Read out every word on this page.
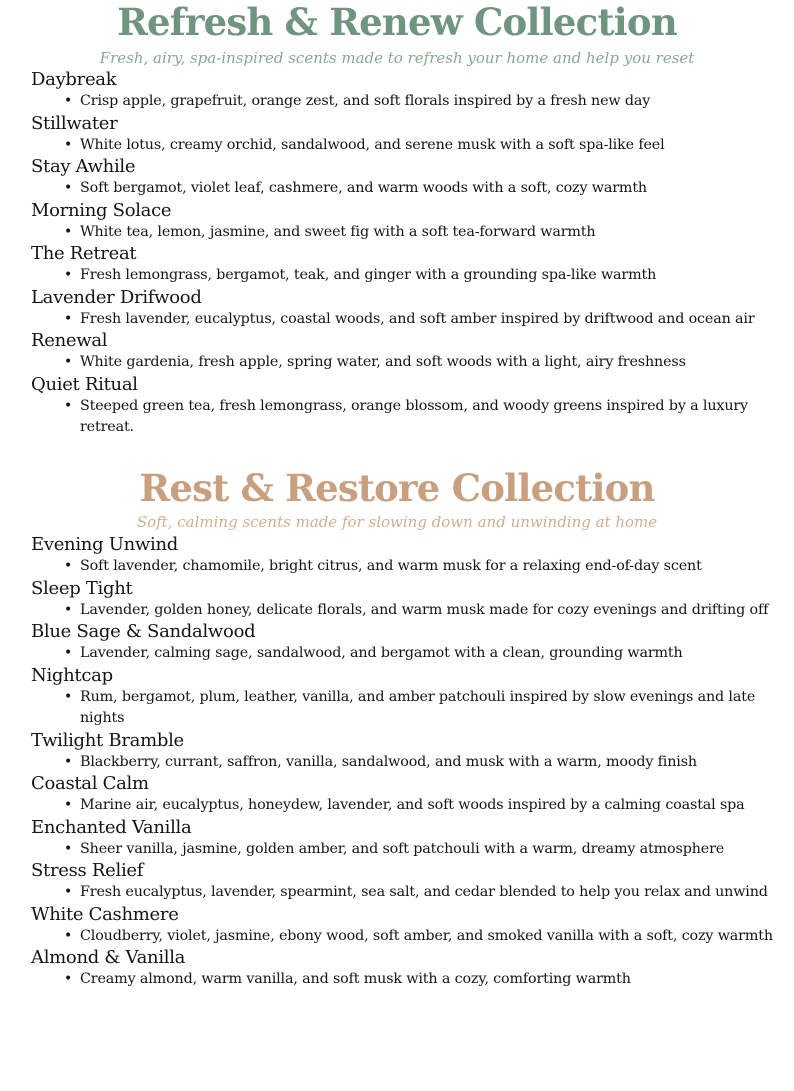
Refresh & Renew Collection

Fresh, airy, spa-inspired scents made to refresh your home and help you reset

Daybreak
• Crisp apple, grapefruit, orange zest, and soft florals inspired by a fresh new day
Stillwater
• White lotus, creamy orchid, sandalwood, and serene musk with a soft spa-like feel
Stay Awhile
• Soft bergamot, violet leaf, cashmere, and warm woods with a soft, cozy warmth
Morning Solace
• White tea, lemon, jasmine, and sweet fig with a soft tea-forward warmth
The Retreat
• Fresh lemongrass, bergamot, teak, and ginger with a grounding spa-like warmth
Lavender Drifwood
• Fresh lavender, eucalyptus, coastal woods, and soft amber inspired by driftwood and ocean air
Renewal
• White gardenia, fresh apple, spring water, and soft woods with a light, airy freshness
Quiet Ritual
• Steeped green tea, fresh lemongrass, orange blossom, and woody greens inspired by a luxury retreat.
Rest & Restore Collection

Soft, calming scents made for slowing down and unwinding at home

Evening Unwind
• Soft lavender, chamomile, bright citrus, and warm musk for a relaxing end-of-day scent
Sleep Tight
• Lavender, golden honey, delicate florals, and warm musk made for cozy evenings and drifting off
Blue Sage & Sandalwood
• Lavender, calming sage, sandalwood, and bergamot with a clean, grounding warmth
Nightcap
• Rum, bergamot, plum, leather, vanilla, and amber patchouli inspired by slow evenings and late nights
Twilight Bramble
• Blackberry, currant, saffron, vanilla, sandalwood, and musk with a warm, moody finish
Coastal Calm
• Marine air, eucalyptus, honeydew, lavender, and soft woods inspired by a calming coastal spa
Enchanted Vanilla
• Sheer vanilla, jasmine, golden amber, and soft patchouli with a warm, dreamy atmosphere
Stress Relief
• Fresh eucalyptus, lavender, spearmint, sea salt, and cedar blended to help you relax and unwind
White Cashmere
• Cloudberry, violet, jasmine, ebony wood, soft amber, and smoked vanilla with a soft, cozy warmth
Almond & Vanilla
• Creamy almond, warm vanilla, and soft musk with a cozy, comforting warmth
